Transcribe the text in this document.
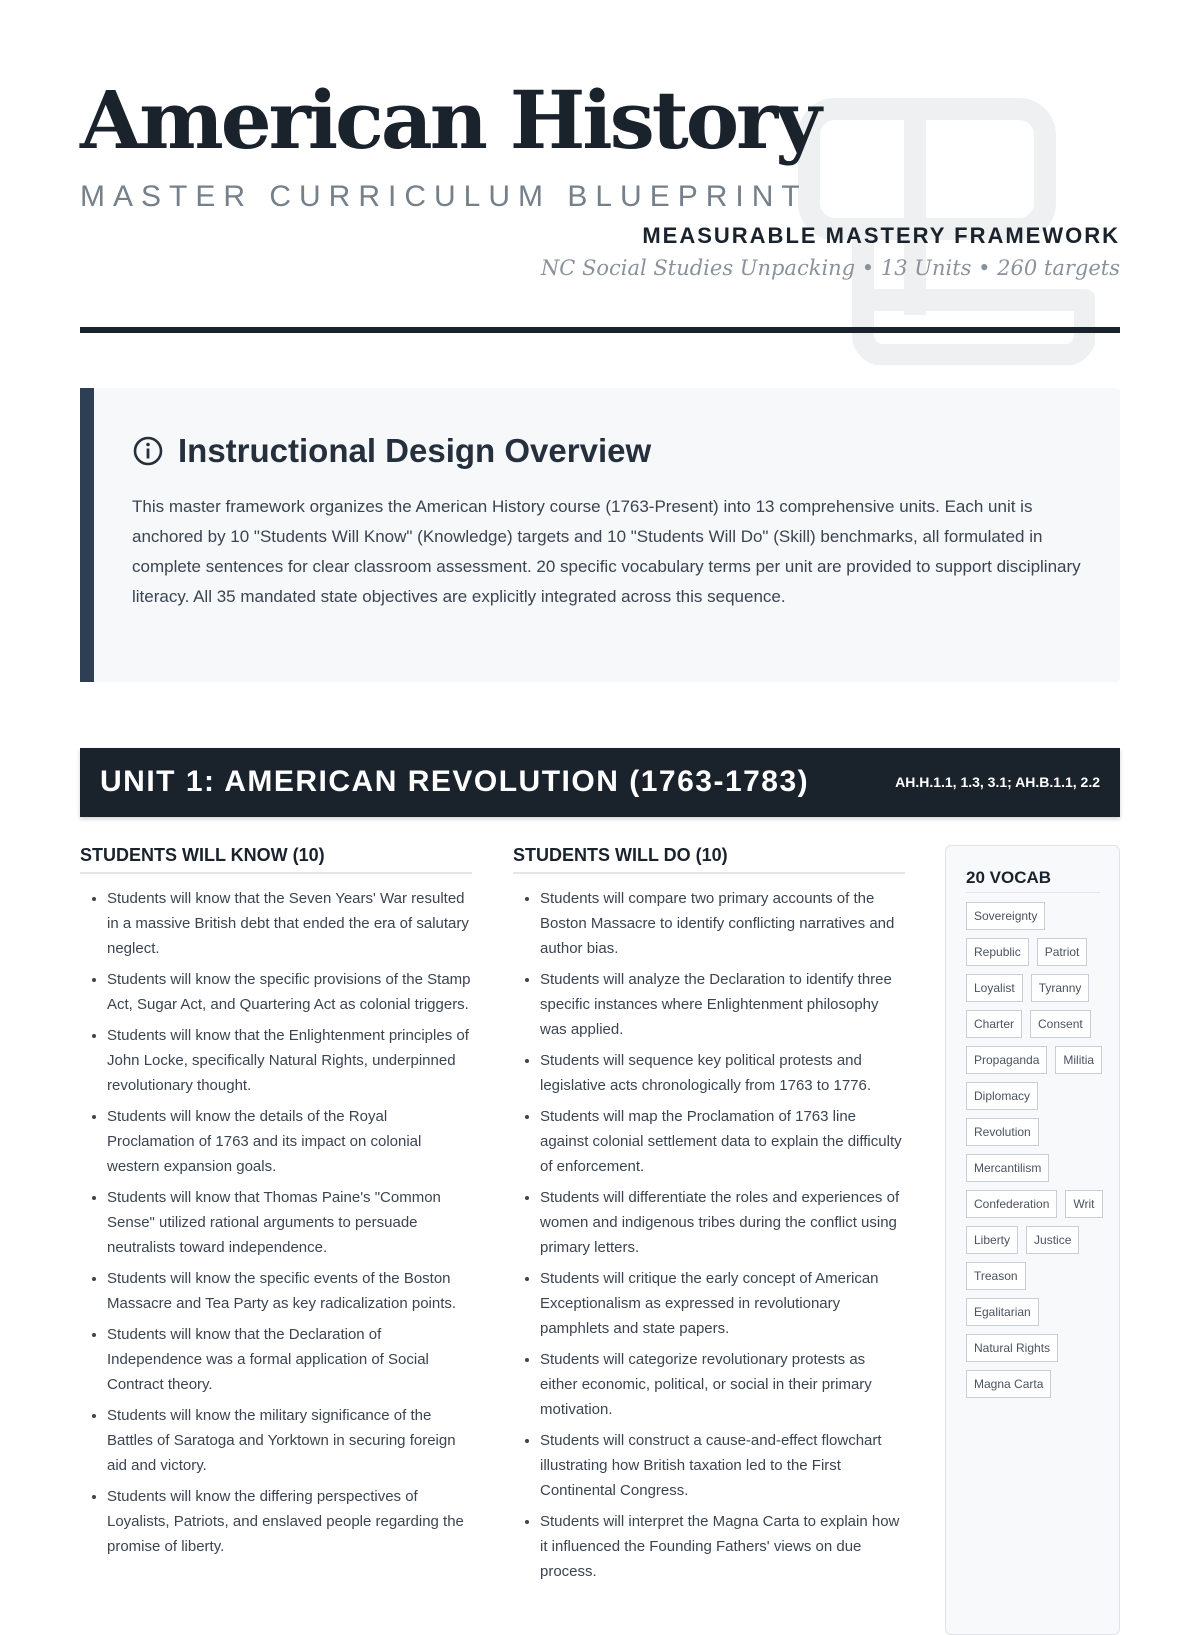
American History
MASTER CURRICULUM BLUEPRINT
MEASURABLE MASTERY FRAMEWORK
NC Social Studies Unpacking • 13 Units • 260 targets
Instructional Design Overview

This master framework organizes the American History course (1763-Present) into 13 comprehensive units. Each unit is anchored by 10 "Students Will Know" (Knowledge) targets and 10 "Students Will Do" (Skill) benchmarks, all formulated in complete sentences for clear classroom assessment. 20 specific vocabulary terms per unit are provided to support disciplinary literacy. All 35 mandated state objectives are explicitly integrated across this sequence.

UNIT 1: AMERICAN REVOLUTION (1763-1783)	AH.H.1.1, 1.3, 3.1; AH.B.1.1, 2.2
STUDENTS WILL KNOW (10)
• Students will know that the Seven Years' War resulted in a massive British debt that ended the era of salutary neglect.
• Students will know the specific provisions of the Stamp Act, Sugar Act, and Quartering Act as colonial triggers.
• Students will know that the Enlightenment principles of John Locke, specifically Natural Rights, underpinned revolutionary thought.
• Students will know the details of the Royal Proclamation of 1763 and its impact on colonial western expansion goals.
• Students will know that Thomas Paine's "Common Sense" utilized rational arguments to persuade neutralists toward independence.
• Students will know the specific events of the Boston Massacre and Tea Party as key radicalization points.
• Students will know that the Declaration of Independence was a formal application of Social Contract theory.
• Students will know the military significance of the Battles of Saratoga and Yorktown in securing foreign aid and victory.
• Students will know the differing perspectives of Loyalists, Patriots, and enslaved people regarding the promise of liberty.
STUDENTS WILL DO (10)
• Students will compare two primary accounts of the Boston Massacre to identify conflicting narratives and author bias.
• Students will analyze the Declaration to identify three specific instances where Enlightenment philosophy was applied.
• Students will sequence key political protests and legislative acts chronologically from 1763 to 1776.
• Students will map the Proclamation of 1763 line against colonial settlement data to explain the difficulty of enforcement.
• Students will differentiate the roles and experiences of women and indigenous tribes during the conflict using primary letters.
• Students will critique the early concept of American Exceptionalism as expressed in revolutionary pamphlets and state papers.
• Students will categorize revolutionary protests as either economic, political, or social in their primary motivation.
• Students will construct a cause-and-effect flowchart illustrating how British taxation led to the First Continental Congress.
• Students will interpret the Magna Carta to explain how it influenced the Founding Fathers' views on due process.
20 VOCAB
Sovereignty
Republic	Patriot
Loyalist	Tyranny
Charter	Consent
Propaganda	Militia
Diplomacy
Revolution
Mercantilism
Confederation	Writ
Liberty	Justice
Treason
Egalitarian
Natural Rights
Magna Carta
